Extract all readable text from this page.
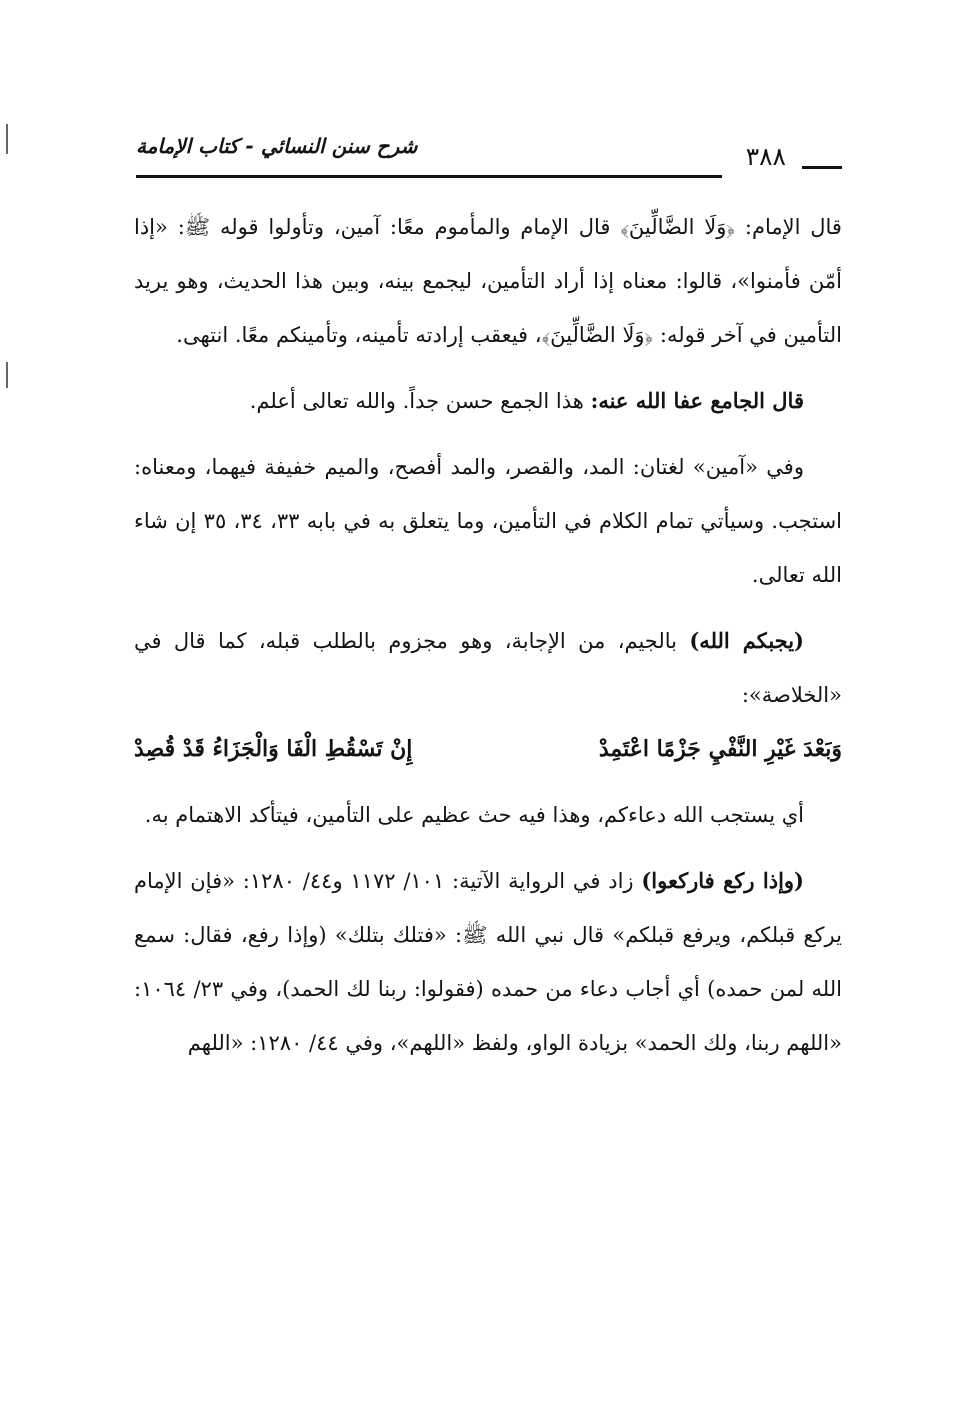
شرح سنن النسائي - كتاب الإمامة	٣٨٨

قال الإمام: ﴿وَلَا الضَّالِّينَ﴾ قال الإمام والمأموم معًا: آمين، وتأولوا قوله ﷺ: «إذا أمّن فأمنوا»، قالوا: معناه إذا أراد التأمين، ليجمع بينه، وبين هذا الحديث، وهو يريد التأمين في آخر قوله: ﴿وَلَا الضَّالِّينَ﴾، فيعقب إرادته تأمينه، وتأمينكم معًا. انتهى.

قال الجامع عفا الله عنه: هذا الجمع حسن جداً. والله تعالى أعلم.

وفي «آمين» لغتان: المد، والقصر، والمد أفصح، والميم خفيفة فيهما، ومعناه: استجب. وسيأتي تمام الكلام في التأمين، وما يتعلق به في بابه ٣٣، ٣٤، ٣٥ إن شاء الله تعالى.

(يجبكم الله) بالجيم، من الإجابة، وهو مجزوم بالطلب قبله، كما قال في «الخلاصة»:

وَبَعْدَ غَيْرِ النَّفْيِ جَزْمًا اعْتَمِدْ
إِنْ تَسْقُطِ الْفَا وَالْجَزَاءُ قَدْ قُصِدْ

أي يستجب الله دعاءكم، وهذا فيه حث عظيم على التأمين، فيتأكد الاهتمام به.

(وإذا ركع فاركعوا) زاد في الرواية الآتية: ١٠١/ ١١٧٢ و٤٤/ ١٢٨٠: «فإن الإمام يركع قبلكم، ويرفع قبلكم» قال نبي الله ﷺ: «فتلك بتلك» (وإذا رفع، فقال: سمع الله لمن حمده) أي أجاب دعاء من حمده (فقولوا: ربنا لك الحمد)، وفي ٢٣/ ١٠٦٤: «اللهم ربنا، ولك الحمد» بزيادة الواو، ولفظ «اللهم»، وفي ٤٤/ ١٢٨٠: «اللهم
